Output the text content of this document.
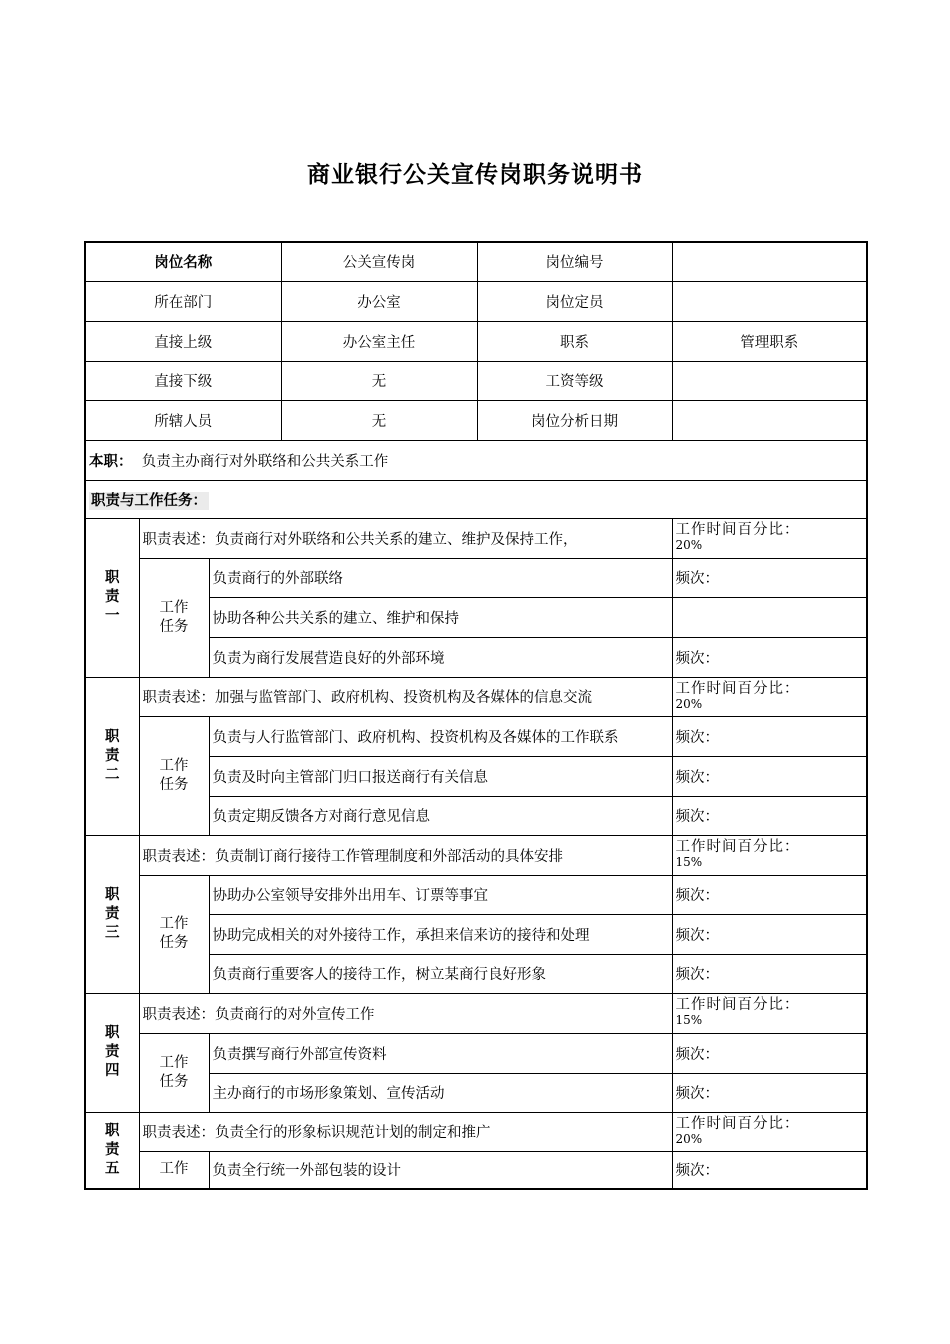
商业银行公关宣传岗职务说明书
岗位名称			公关宣传岗	岗位编号	
所在部门			办公室	岗位定员	
直接上级			办公室主任	职系	管理职系
直接下级			无	工资等级	
所辖人员			无	岗位分析日期	
本职： 负责主办商行对外联络和公共关系工作					
职责与工作任务：					
职责一	职责表述：负责商行对外联络和公共关系的建立、维护及保持工作，				工作时间百分比：
20%
	工作任务	负责商行的外部联络			频次：
		协助各种公共关系的建立、维护和保持			
		负责为商行发展营造良好的外部环境			频次：
职责二	职责表述：加强与监管部门、政府机构、投资机构及各媒体的信息交流				工作时间百分比：
20%
	工作任务	负责与人行监管部门、政府机构、投资机构及各媒体的工作联系			频次：
		负责及时向主管部门归口报送商行有关信息			频次：
		负责定期反馈各方对商行意见信息			频次：
职责三	职责表述：负责制订商行接待工作管理制度和外部活动的具体安排				工作时间百分比：
15%
	工作任务	协助办公室领导安排外出用车、订票等事宜			频次：
		协助完成相关的对外接待工作，承担来信来访的接待和处理			频次：
		负责商行重要客人的接待工作，树立某商行良好形象			频次：
职责四	职责表述：负责商行的对外宣传工作				工作时间百分比：
15%
	工作任务	负责撰写商行外部宣传资料			频次：
		主办商行的市场形象策划、宣传活动			频次：
职责五	职责表述：负责全行的形象标识规范计划的制定和推广				工作时间百分比：
20%
	工作	负责全行统一外部包装的设计			频次：
